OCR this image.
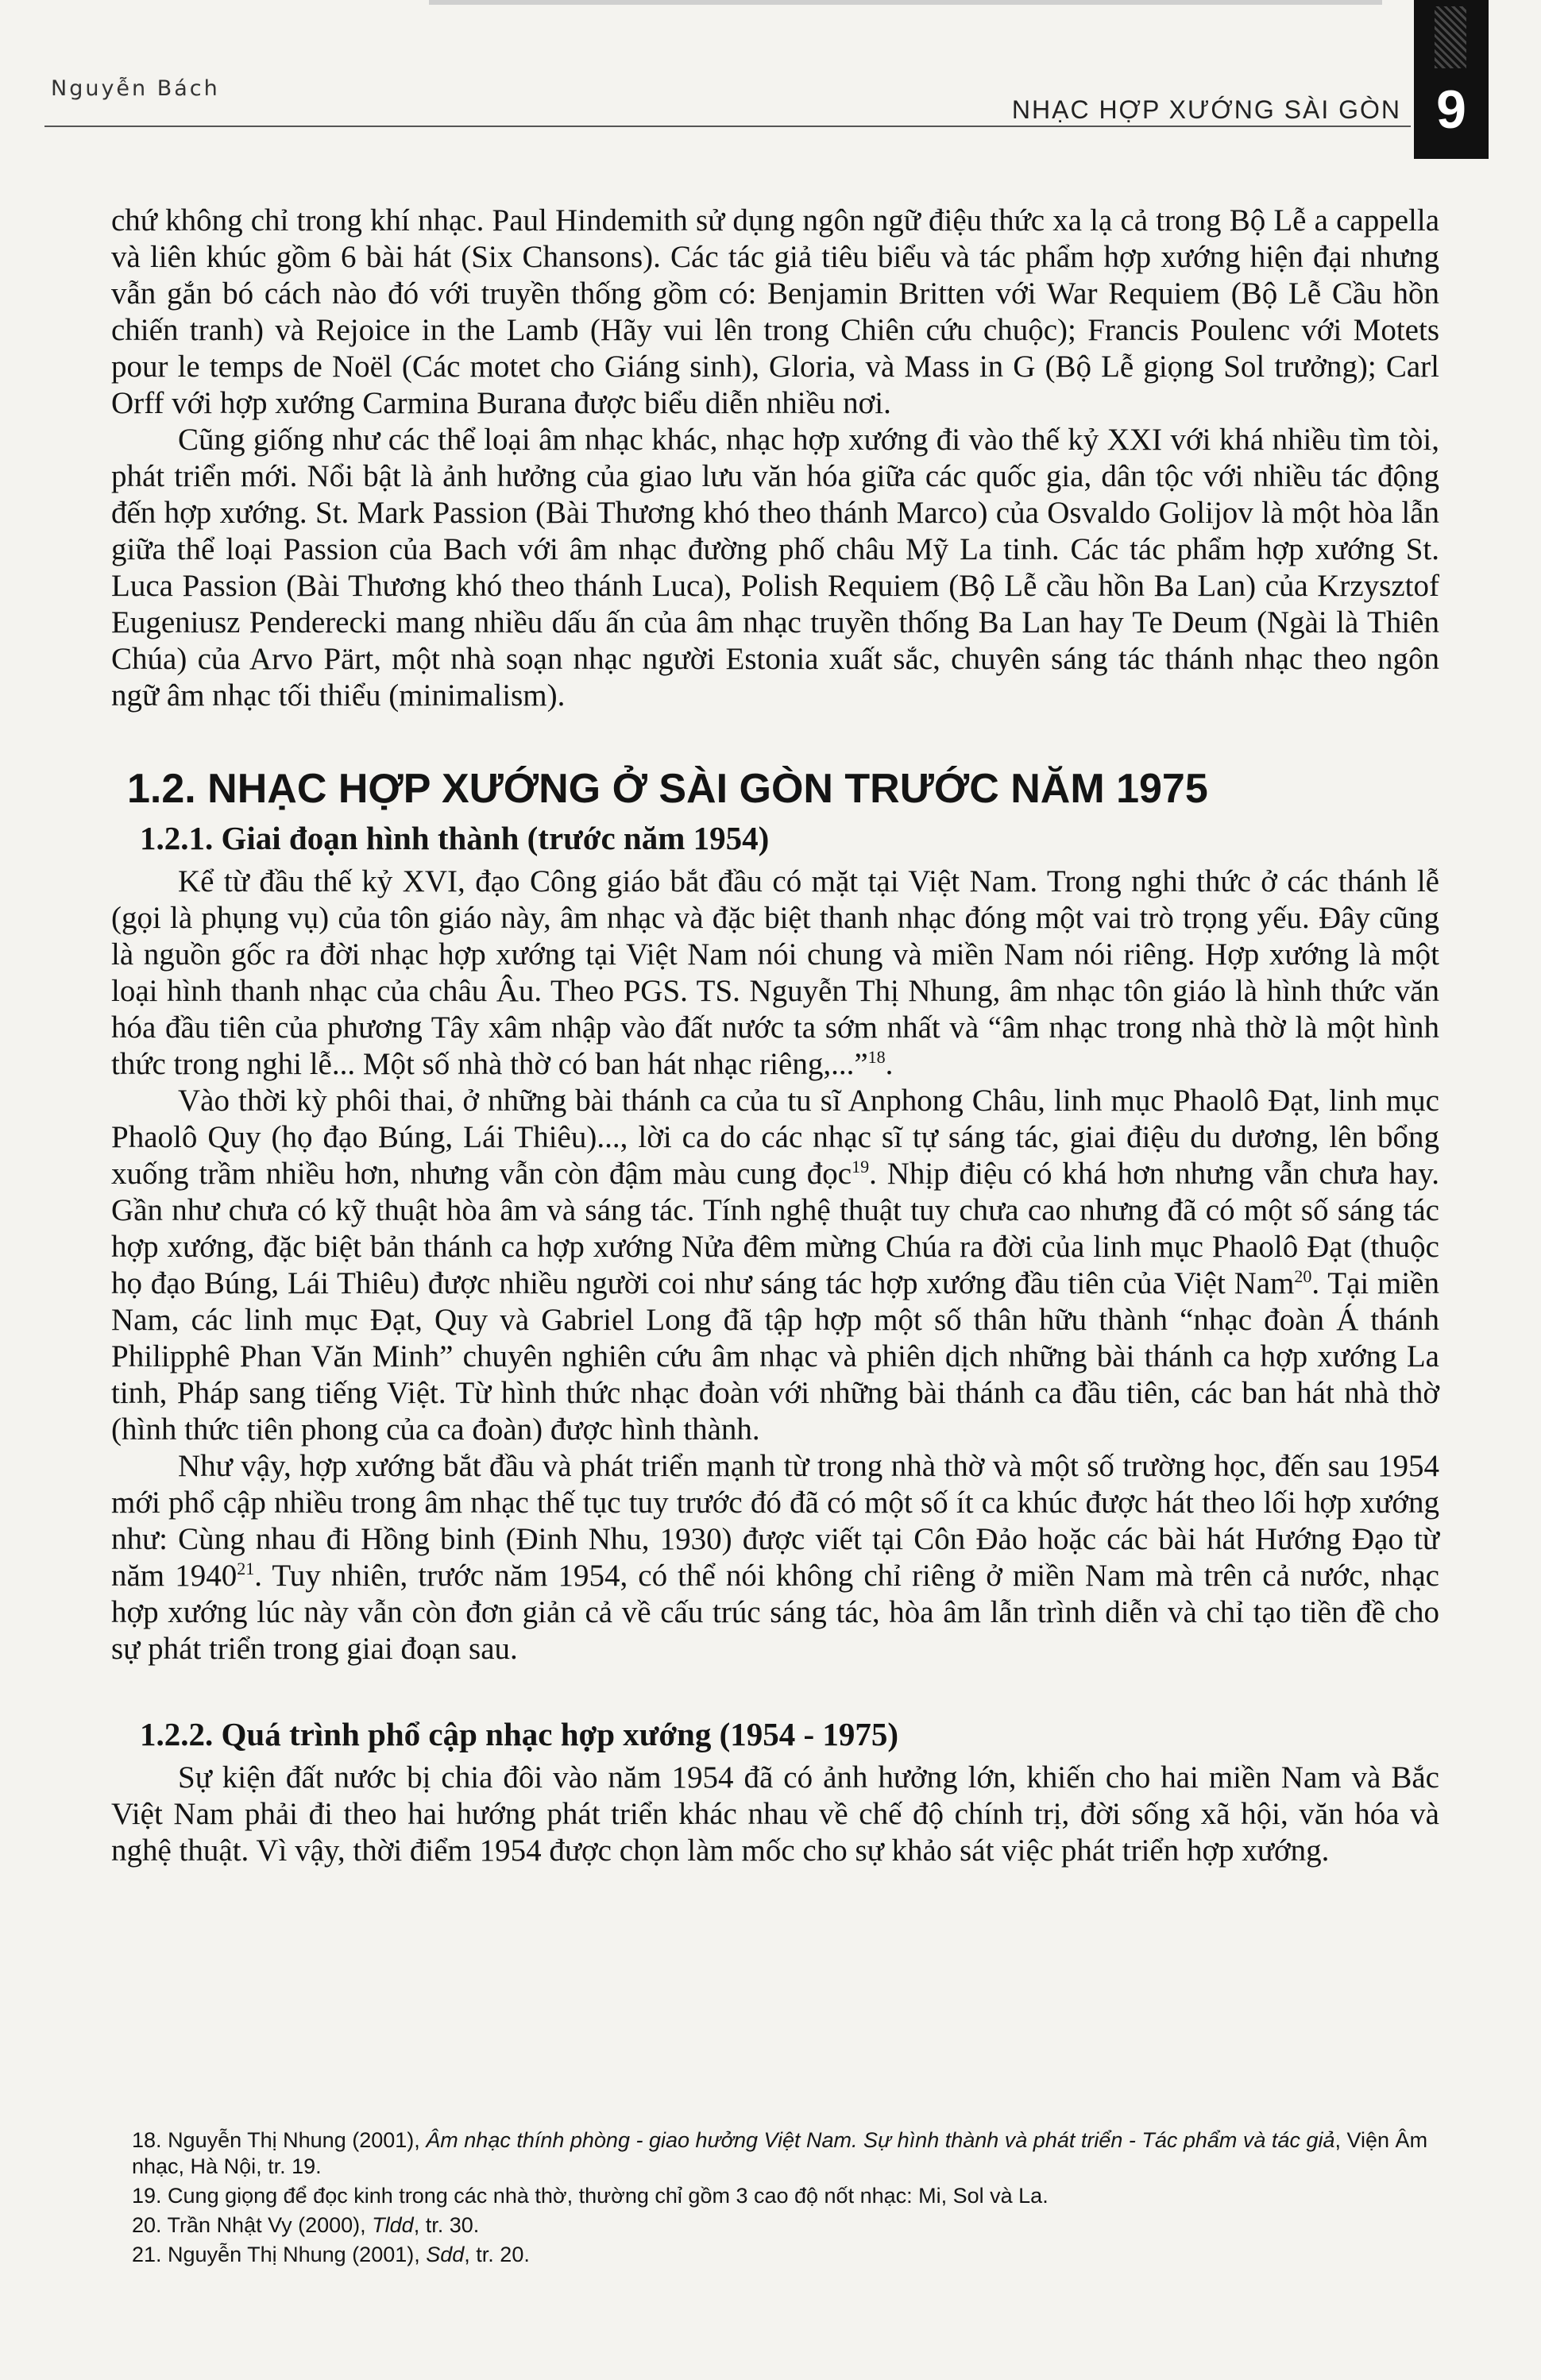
Nguyễn Bách
NHẠC HỢP XƯỚNG SÀI GÒN 9

chứ không chỉ trong khí nhạc. Paul Hindemith sử dụng ngôn ngữ điệu thức xa lạ cả trong Bộ Lễ a cappella và liên khúc gồm 6 bài hát (Six Chansons). Các tác giả tiêu biểu và tác phẩm hợp xướng hiện đại nhưng vẫn gắn bó cách nào đó với truyền thống gồm có: Benjamin Britten với War Requiem (Bộ Lễ Cầu hồn chiến tranh) và Rejoice in the Lamb (Hãy vui lên trong Chiên cứu chuộc); Francis Poulenc với Motets pour le temps de Noël (Các motet cho Giáng sinh), Gloria, và Mass in G (Bộ Lễ giọng Sol trưởng); Carl Orff với hợp xướng Carmina Burana được biểu diễn nhiều nơi.

Cũng giống như các thể loại âm nhạc khác, nhạc hợp xướng đi vào thế kỷ XXI với khá nhiều tìm tòi, phát triển mới. Nổi bật là ảnh hưởng của giao lưu văn hóa giữa các quốc gia, dân tộc với nhiều tác động đến hợp xướng. St. Mark Passion (Bài Thương khó theo thánh Marco) của Osvaldo Golijov là một hòa lẫn giữa thể loại Passion của Bach với âm nhạc đường phố châu Mỹ La tinh. Các tác phẩm hợp xướng St. Luca Passion (Bài Thương khó theo thánh Luca), Polish Requiem (Bộ Lễ cầu hồn Ba Lan) của Krzysztof Eugeniusz Penderecki mang nhiều dấu ấn của âm nhạc truyền thống Ba Lan hay Te Deum (Ngài là Thiên Chúa) của Arvo Pärt, một nhà soạn nhạc người Estonia xuất sắc, chuyên sáng tác thánh nhạc theo ngôn ngữ âm nhạc tối thiểu (minimalism).

1.2. NHẠC HỢP XƯỚNG Ở SÀI GÒN TRƯỚC NĂM 1975
1.2.1. Giai đoạn hình thành (trước năm 1954)

Kể từ đầu thế kỷ XVI, đạo Công giáo bắt đầu có mặt tại Việt Nam. Trong nghi thức ở các thánh lễ (gọi là phụng vụ) của tôn giáo này, âm nhạc và đặc biệt thanh nhạc đóng một vai trò trọng yếu. Đây cũng là nguồn gốc ra đời nhạc hợp xướng tại Việt Nam nói chung và miền Nam nói riêng. Hợp xướng là một loại hình thanh nhạc của châu Âu. Theo PGS. TS. Nguyễn Thị Nhung, âm nhạc tôn giáo là hình thức văn hóa đầu tiên của phương Tây xâm nhập vào đất nước ta sớm nhất và “âm nhạc trong nhà thờ là một hình thức trong nghi lễ... Một số nhà thờ có ban hát nhạc riêng,...”$^{18}$.

Vào thời kỳ phôi thai, ở những bài thánh ca của tu sĩ Anphong Châu, linh mục Phaolô Đạt, linh mục Phaolô Quy (họ đạo Búng, Lái Thiêu)..., lời ca do các nhạc sĩ tự sáng tác, giai điệu du dương, lên bổng xuống trầm nhiều hơn, nhưng vẫn còn đậm màu cung đọc$^{19}$. Nhịp điệu có khá hơn nhưng vẫn chưa hay. Gần như chưa có kỹ thuật hòa âm và sáng tác. Tính nghệ thuật tuy chưa cao nhưng đã có một số sáng tác hợp xướng, đặc biệt bản thánh ca hợp xướng Nửa đêm mừng Chúa ra đời của linh mục Phaolô Đạt (thuộc họ đạo Búng, Lái Thiêu) được nhiều người coi như sáng tác hợp xướng đầu tiên của Việt Nam$^{20}$. Tại miền Nam, các linh mục Đạt, Quy và Gabriel Long đã tập hợp một số thân hữu thành “nhạc đoàn Á thánh Philipphê Phan Văn Minh” chuyên nghiên cứu âm nhạc và phiên dịch những bài thánh ca hợp xướng La tinh, Pháp sang tiếng Việt. Từ hình thức nhạc đoàn với những bài thánh ca đầu tiên, các ban hát nhà thờ (hình thức tiên phong của ca đoàn) được hình thành.

Như vậy, hợp xướng bắt đầu và phát triển mạnh từ trong nhà thờ và một số trường học, đến sau 1954 mới phổ cập nhiều trong âm nhạc thế tục tuy trước đó đã có một số ít ca khúc được hát theo lối hợp xướng như: Cùng nhau đi Hồng binh (Đinh Nhu, 1930) được viết tại Côn Đảo hoặc các bài hát Hướng Đạo từ năm 1940$^{21}$. Tuy nhiên, trước năm 1954, có thể nói không chỉ riêng ở miền Nam mà trên cả nước, nhạc hợp xướng lúc này vẫn còn đơn giản cả về cấu trúc sáng tác, hòa âm lẫn trình diễn và chỉ tạo tiền đề cho sự phát triển trong giai đoạn sau.

1.2.2. Quá trình phổ cập nhạc hợp xướng (1954 - 1975)

Sự kiện đất nước bị chia đôi vào năm 1954 đã có ảnh hưởng lớn, khiến cho hai miền Nam và Bắc Việt Nam phải đi theo hai hướng phát triển khác nhau về chế độ chính trị, đời sống xã hội, văn hóa và nghệ thuật. Vì vậy, thời điểm 1954 được chọn làm mốc cho sự khảo sát việc phát triển hợp xướng.

18. Nguyễn Thị Nhung (2001), Âm nhạc thính phòng - giao hưởng Việt Nam. Sự hình thành và phát triển - Tác phẩm và tác giả, Viện Âm nhạc, Hà Nội, tr. 19.
19. Cung giọng để đọc kinh trong các nhà thờ, thường chỉ gồm 3 cao độ nốt nhạc: Mi, Sol và La.
20. Trần Nhật Vy (2000), Tldd, tr. 30.
21. Nguyễn Thị Nhung (2001), Sdd, tr. 20.
